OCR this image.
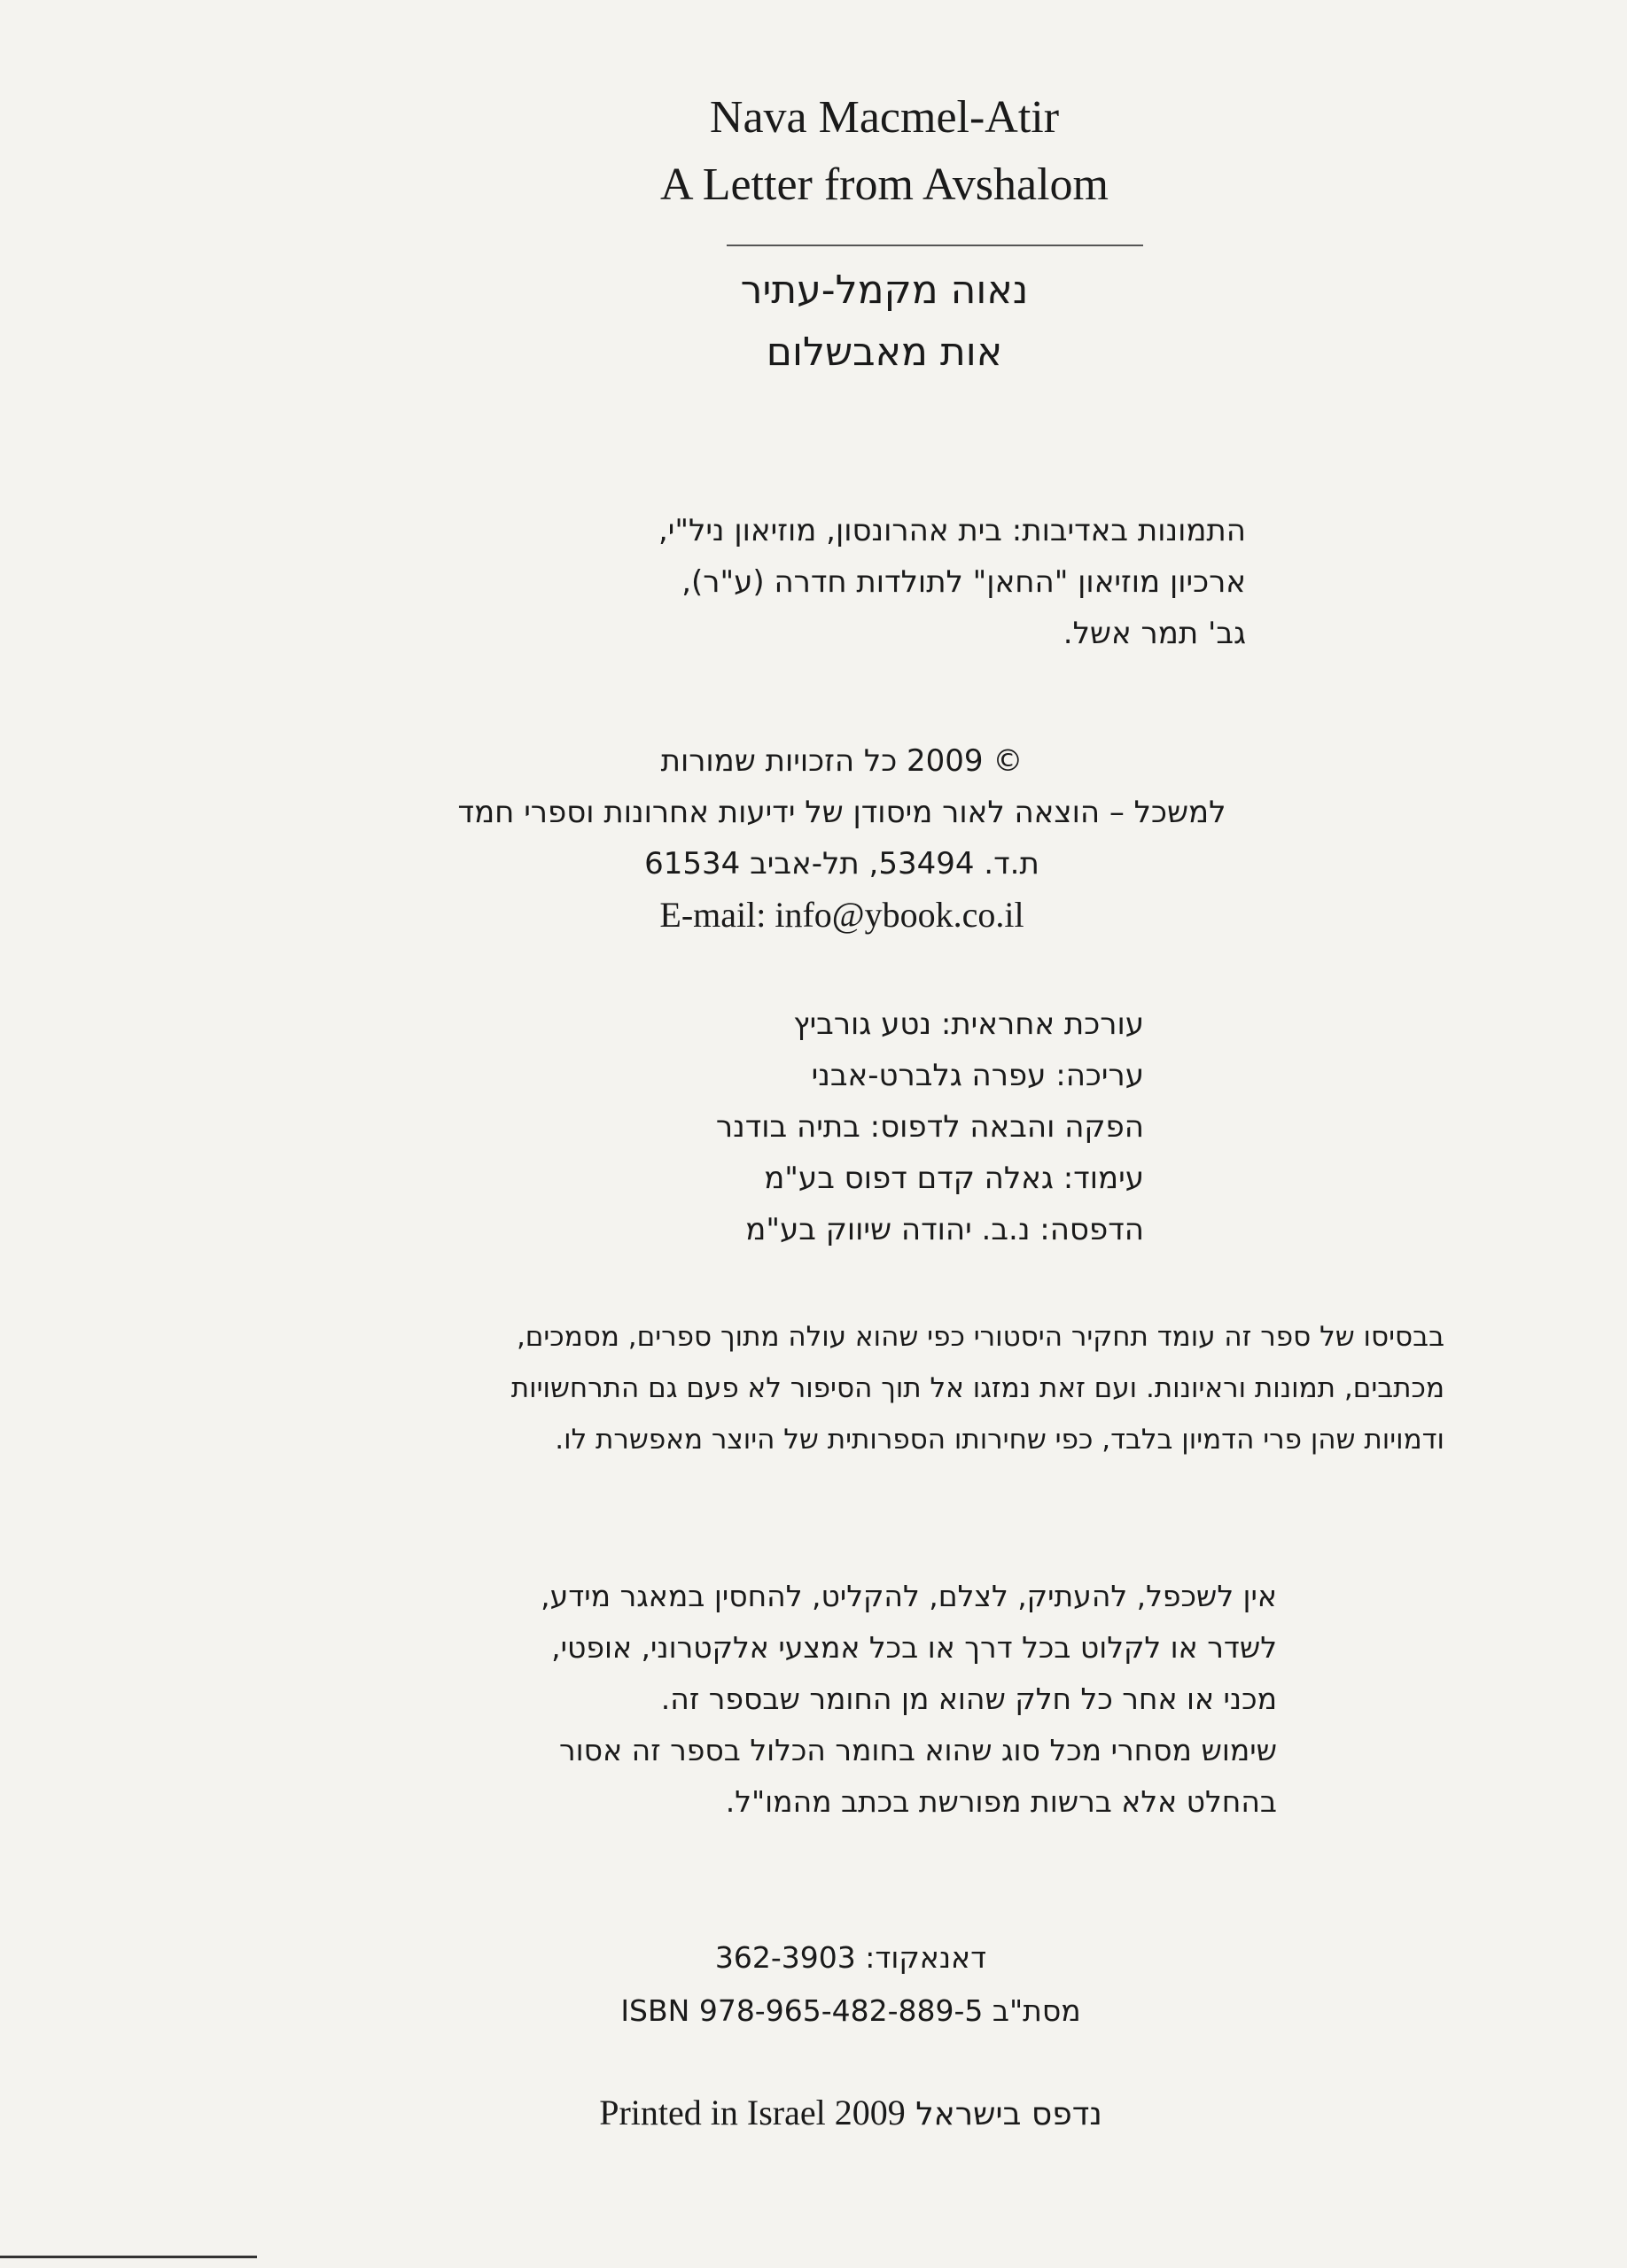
Nava Macmel-Atir
A Letter from Avshalom
נאוה מקמל-עתיר
אות מאבשלום
התמונות באדיבות: בית אהרונסון, מוזיאון ניל"י,
ארכיון מוזיאון "החאן" לתולדות חדרה (ע"ר),
גב' תמר אשל.
© 2009 כל הזכויות שמורות
למשכל – הוצאה לאור מיסודן של ידיעות אחרונות וספרי חמד
ת.ד. 53494, תל-אביב 61534
E-mail: info@ybook.co.il
עורכת אחראית: נטע גורביץ
עריכה: עפרה גלברט-אבני
הפקה והבאה לדפוס: בתיה בודנר
עימוד: גאלה קדם דפוס בע"מ
הדפסה: נ.ב. יהודה שיווק בע"מ
בבסיסו של ספר זה עומד תחקיר היסטורי כפי שהוא עולה מתוך ספרים, מסמכים,
מכתבים, תמונות וראיונות. ועם זאת נמזגו אל תוך הסיפור לא פעם גם התרחשויות
ודמויות שהן פרי הדמיון בלבד, כפי שחירותו הספרותית של היוצר מאפשרת לו.
אין לשכפל, להעתיק, לצלם, להקליט, להחסין במאגר מידע,
לשדר או לקלוט בכל דרך או בכל אמצעי אלקטרוני, אופטי,
מכני או אחר כל חלק שהוא מן החומר שבספר זה.
שימוש מסחרי מכל סוג שהוא בחומר הכלול בספר זה אסור
בהחלט אלא ברשות מפורשת בכתב מהמו"ל.
דאנאקוד: 362-3903
מסת"ב ISBN 978-965-482-889-5
נדפס בישראל Printed in Israel 2009
